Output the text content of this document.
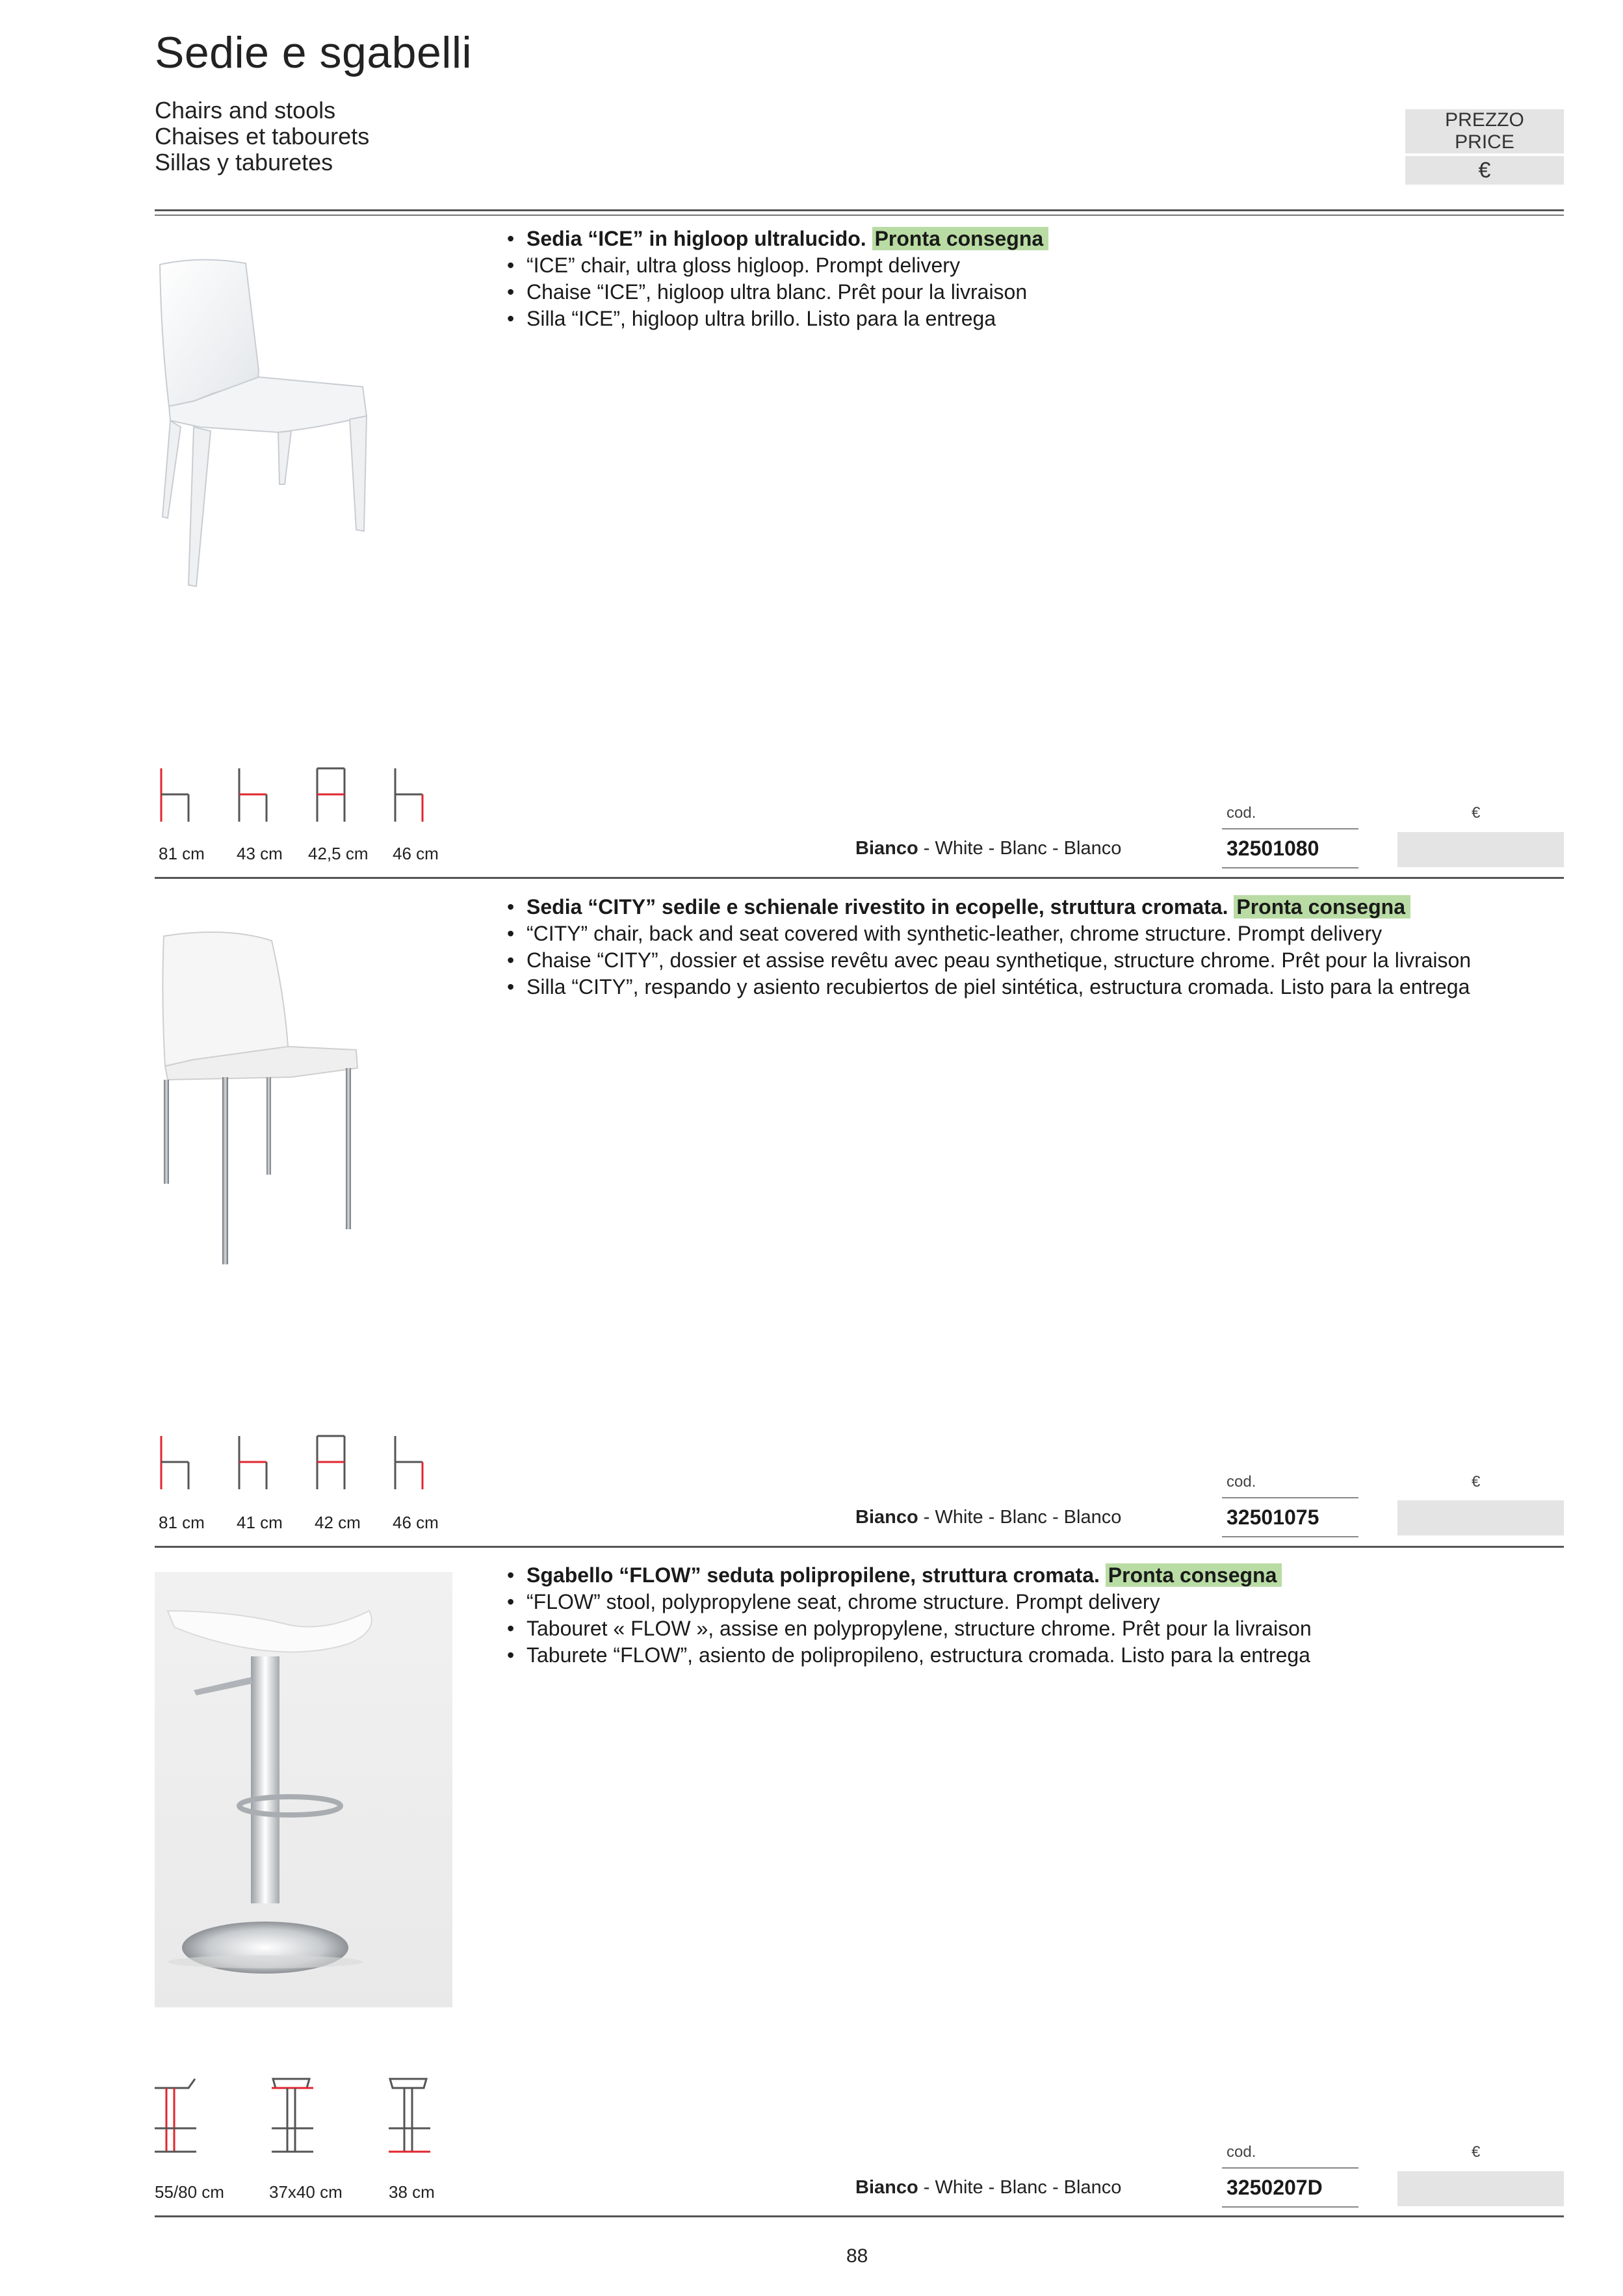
Sedie e sgabelli
Chairs and stools
Chaises et tabourets
Sillas y taburetes
PREZZO
PRICE
€
• Sedia “ICE” in higloop ultralucido. Pronta consegna
• “ICE” chair, ultra gloss higloop. Prompt delivery
• Chaise “ICE”, higloop ultra blanc. Prêt pour la livraison
• Silla “ICE”, higloop ultra brillo. Listo para la entrega
81 cm 43 cm 42,5 cm 46 cm	Bianco - White - Blanc - Blanco
cod.
32501080
€
• Sedia “CITY” sedile e schienale rivestito in ecopelle, struttura cromata. Pronta consegna
• “CITY” chair, back and seat covered with synthetic-leather, chrome structure. Prompt delivery
• Chaise “CITY”, dossier et assise revêtu avec peau synthetique, structure chrome. Prêt pour la livraison
• Silla “CITY”, respando y asiento recubiertos de piel sintética, estructura cromada. Listo para la entrega
81 cm 41 cm 42 cm 46 cm	Bianco - White - Blanc - Blanco
cod.
32501075
€
• Sgabello “FLOW” seduta polipropilene, struttura cromata. Pronta consegna
• “FLOW” stool, polypropylene seat, chrome structure. Prompt delivery
• Tabouret « FLOW », assise en polypropylene, structure chrome. Prêt pour la livraison
• Taburete “FLOW”, asiento de polipropileno, estructura cromada. Listo para la entrega
55/80 cm	37x40 cm	38 cm	Bianco - White - Blanc - Blanco
cod.
3250207D
€
88
